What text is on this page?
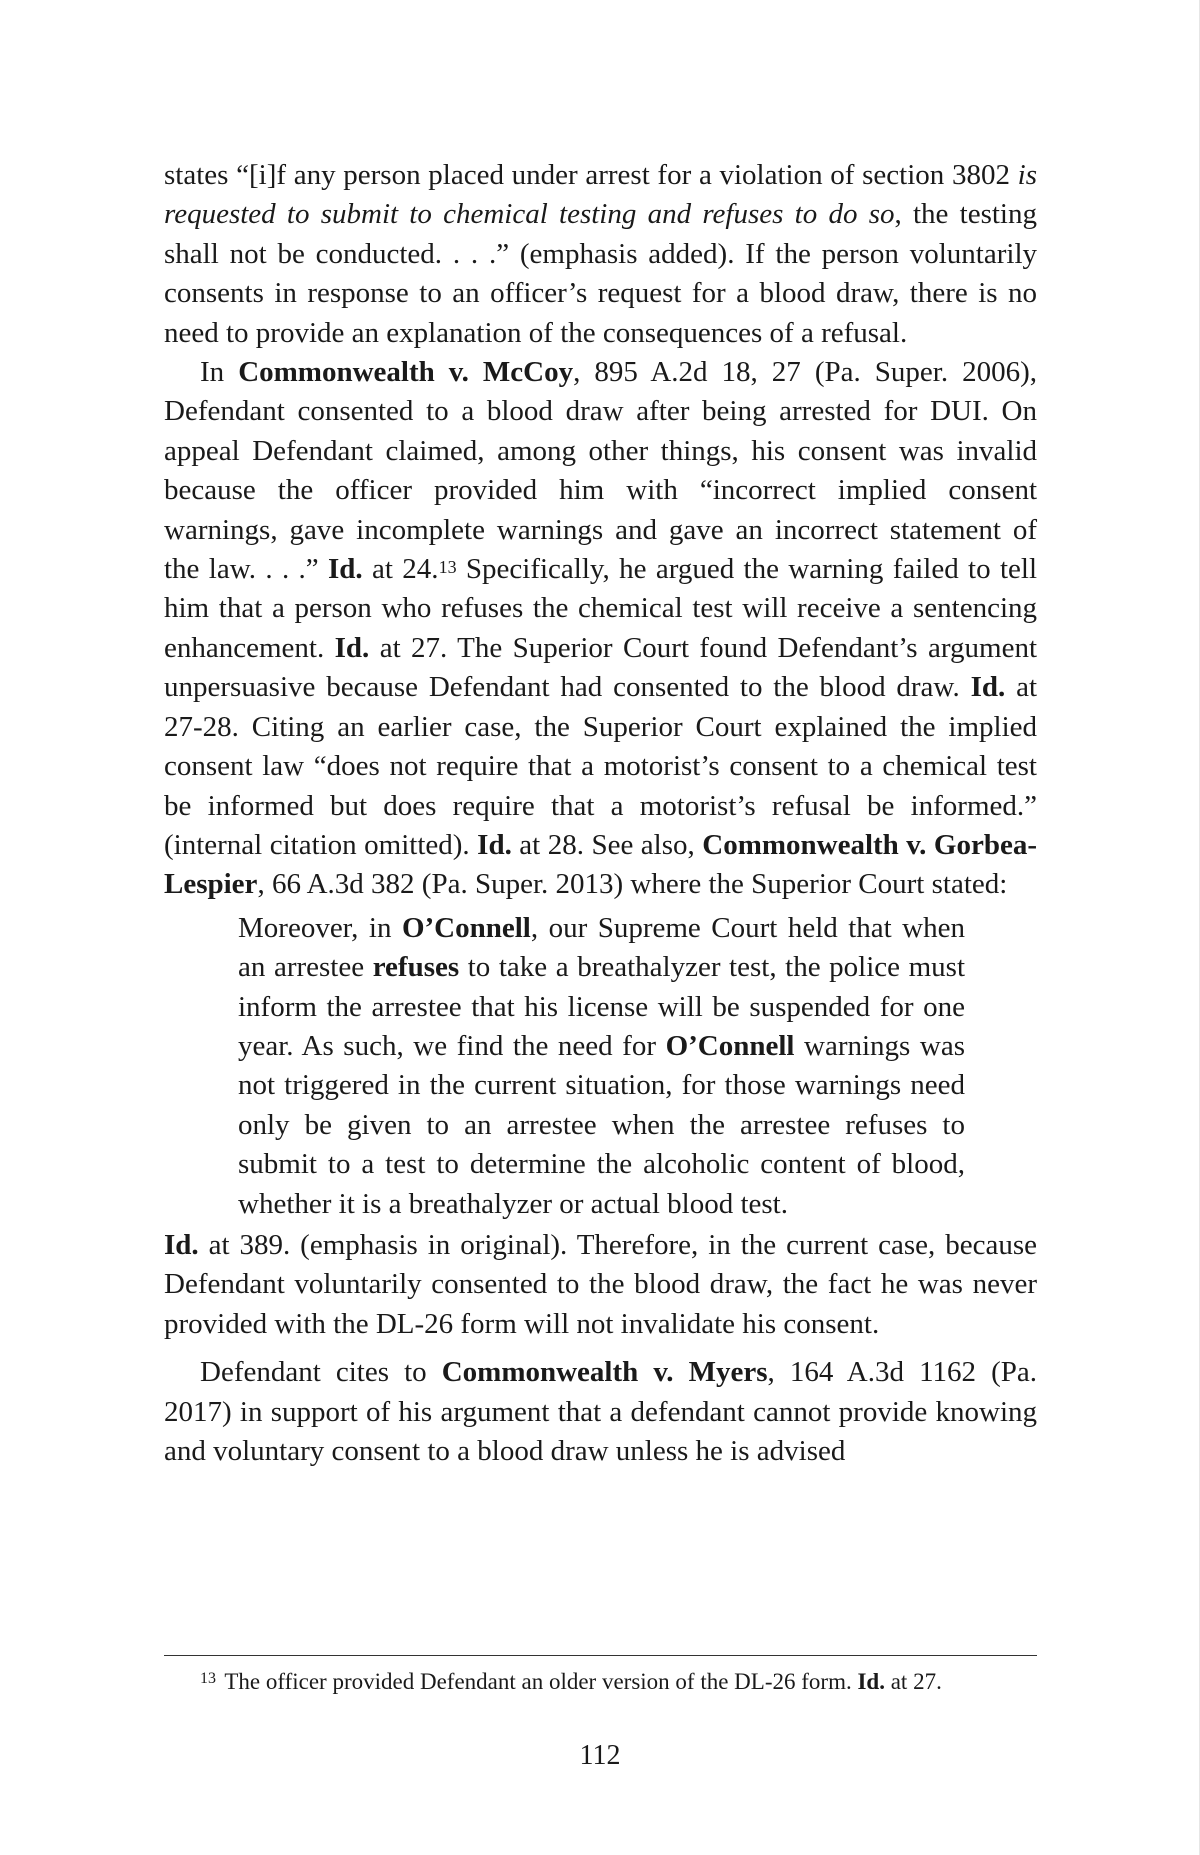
states “[i]f any person placed under arrest for a violation of section 3802 is requested to submit to chemical testing and refuses to do so, the testing shall not be conducted. . . .” (emphasis added). If the person voluntarily consents in response to an officer’s request for a blood draw, there is no need to provide an explanation of the consequences of a refusal.

In Commonwealth v. McCoy, 895 A.2d 18, 27 (Pa. Super. 2006), Defendant consented to a blood draw after being arrested for DUI. On appeal Defendant claimed, among other things, his consent was invalid because the officer provided him with “incorrect implied consent warnings, gave incomplete warnings and gave an incorrect statement of the law. . . .” Id. at 24.13 Specifically, he argued the warning failed to tell him that a person who refuses the chemical test will receive a sentencing enhancement. Id. at 27. The Superior Court found Defendant’s argument unpersuasive because Defendant had consented to the blood draw. Id. at 27-28. Citing an earlier case, the Superior Court explained the implied consent law “does not require that a motorist’s consent to a chemical test be informed but does require that a motorist’s refusal be informed.” (internal citation omitted). Id. at 28. See also, Commonwealth v. Gorbea-Lespier, 66 A.3d 382 (Pa. Super. 2013) where the Superior Court stated:

Moreover, in O’Connell, our Supreme Court held that when an arrestee refuses to take a breathalyzer test, the police must inform the arrestee that his license will be suspended for one year. As such, we find the need for O’Connell warnings was not triggered in the current situation, for those warnings need only be given to an arrestee when the arrestee refuses to submit to a test to determine the alcoholic content of blood, whether it is a breathalyzer or actual blood test.

Id. at 389. (emphasis in original). Therefore, in the current case, because Defendant voluntarily consented to the blood draw, the fact he was never provided with the DL-26 form will not invalidate his consent.

Defendant cites to Commonwealth v. Myers, 164 A.3d 1162 (Pa. 2017) in support of his argument that a defendant cannot provide knowing and voluntary consent to a blood draw unless he is advised

$^{13}$ The officer provided Defendant an older version of the DL-26 form. Id. at 27.
112
